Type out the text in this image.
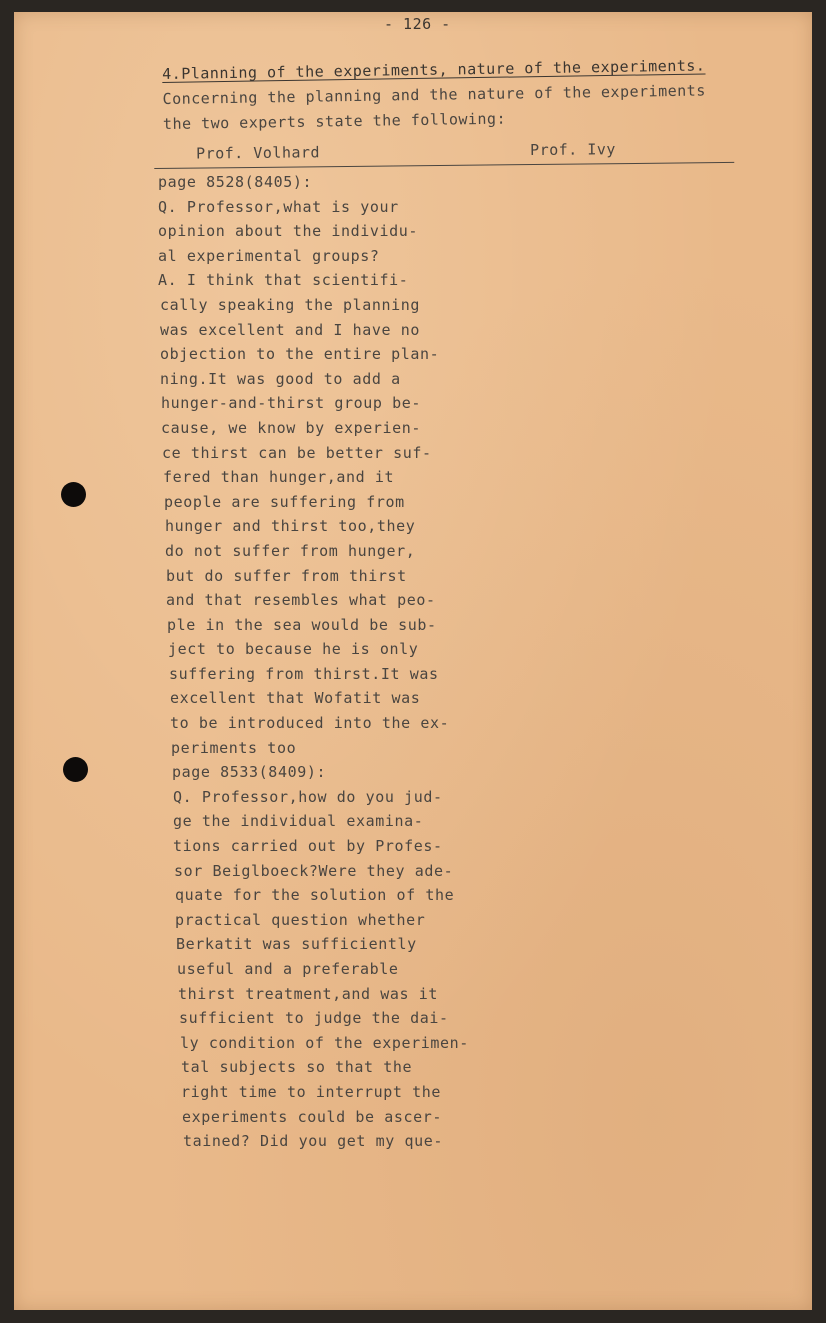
- 126 -
4.Planning of the experiments, nature of the experiments.
Concerning the planning and the nature of the experiments
the two experts state the following:
Prof. Volhard	Prof. Ivy
page 8528(8405):
Q. Professor,what is your
opinion about the individu-
al experimental groups?
A. I think that scientifi-
cally speaking the planning
was excellent and I have no
objection to the entire plan-
ning.It was good to add a
hunger-and-thirst group be-
cause, we know by experien-
ce thirst can be better suf-
fered than hunger,and it
people are suffering from
hunger and thirst too,they
do not suffer from hunger,
but do suffer from thirst
and that resembles what peo-
ple in the sea would be sub-
ject to because he is only
suffering from thirst.It was
excellent that Wofatit was
to be introduced into the ex-
periments too
page 8533(8409):
Q. Professor,how do you jud-
ge the individual examina-
tions carried out by Profes-
sor Beiglboeck?Were they ade-
quate for the solution of the
practical question whether
Berkatit was sufficiently
useful and a preferable
thirst treatment,and was it
sufficient to judge the dai-
ly condition of the experimen-
tal subjects so that the
right time to interrupt the
experiments could be ascer-
tained? Did you get my que-
